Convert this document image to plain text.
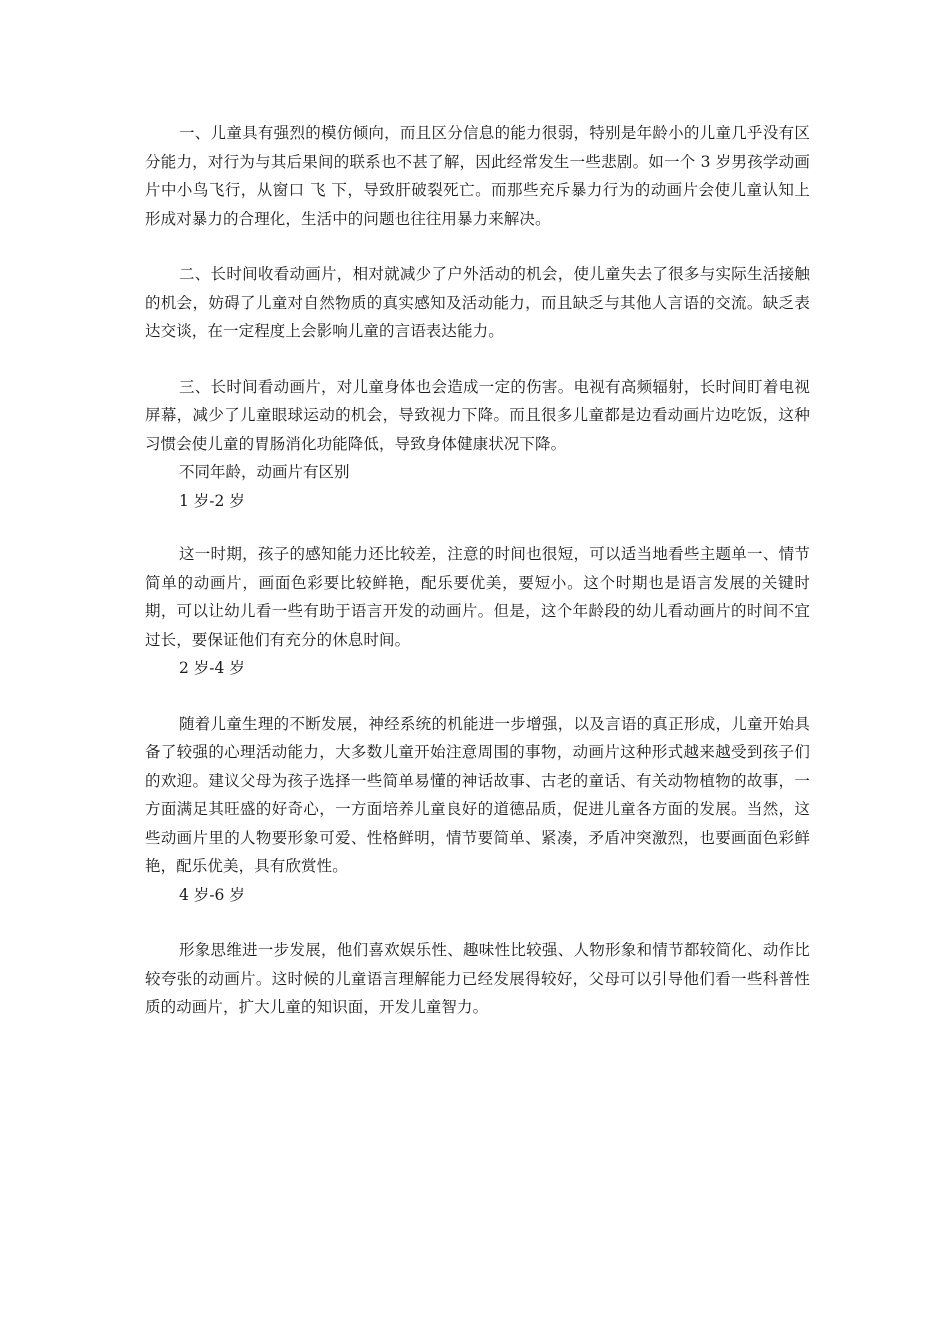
一、儿童具有强烈的模仿倾向，而且区分信息的能力很弱，特别是年龄小的儿童几乎没有区分能力，对行为与其后果间的联系也不甚了解，因此经常发生一些悲剧。如一个 3 岁男孩学动画片中小鸟飞行，从窗口 飞 下，导致肝破裂死亡。而那些充斥暴力行为的动画片会使儿童认知上形成对暴力的合理化，生活中的问题也往往用暴力来解决。

二、长时间收看动画片，相对就减少了户外活动的机会，使儿童失去了很多与实际生活接触的机会，妨碍了儿童对自然物质的真实感知及活动能力，而且缺乏与其他人言语的交流。缺乏表达交谈，在一定程度上会影响儿童的言语表达能力。

三、长时间看动画片，对儿童身体也会造成一定的伤害。电视有高频辐射，长时间盯着电视屏幕，减少了儿童眼球运动的机会，导致视力下降。而且很多儿童都是边看动画片边吃饭，这种习惯会使儿童的胃肠消化功能降低，导致身体健康状况下降。

不同年龄，动画片有区别

1 岁-2 岁

这一时期，孩子的感知能力还比较差，注意的时间也很短，可以适当地看些主题单一、情节简单的动画片，画面色彩要比较鲜艳，配乐要优美，要短小。这个时期也是语言发展的关键时期，可以让幼儿看一些有助于语言开发的动画片。但是，这个年龄段的幼儿看动画片的时间不宜过长，要保证他们有充分的休息时间。

2 岁-4 岁

随着儿童生理的不断发展，神经系统的机能进一步增强，以及言语的真正形成，儿童开始具备了较强的心理活动能力，大多数儿童开始注意周围的事物，动画片这种形式越来越受到孩子们的欢迎。建议父母为孩子选择一些简单易懂的神话故事、古老的童话、有关动物植物的故事，一方面满足其旺盛的好奇心，一方面培养儿童良好的道德品质，促进儿童各方面的发展。当然，这些动画片里的人物要形象可爱、性格鲜明，情节要简单、紧凑，矛盾冲突激烈，也要画面色彩鲜艳，配乐优美，具有欣赏性。

4 岁-6 岁

形象思维进一步发展，他们喜欢娱乐性、趣味性比较强、人物形象和情节都较简化、动作比较夸张的动画片。这时候的儿童语言理解能力已经发展得较好，父母可以引导他们看一些科普性质的动画片，扩大儿童的知识面，开发儿童智力。
